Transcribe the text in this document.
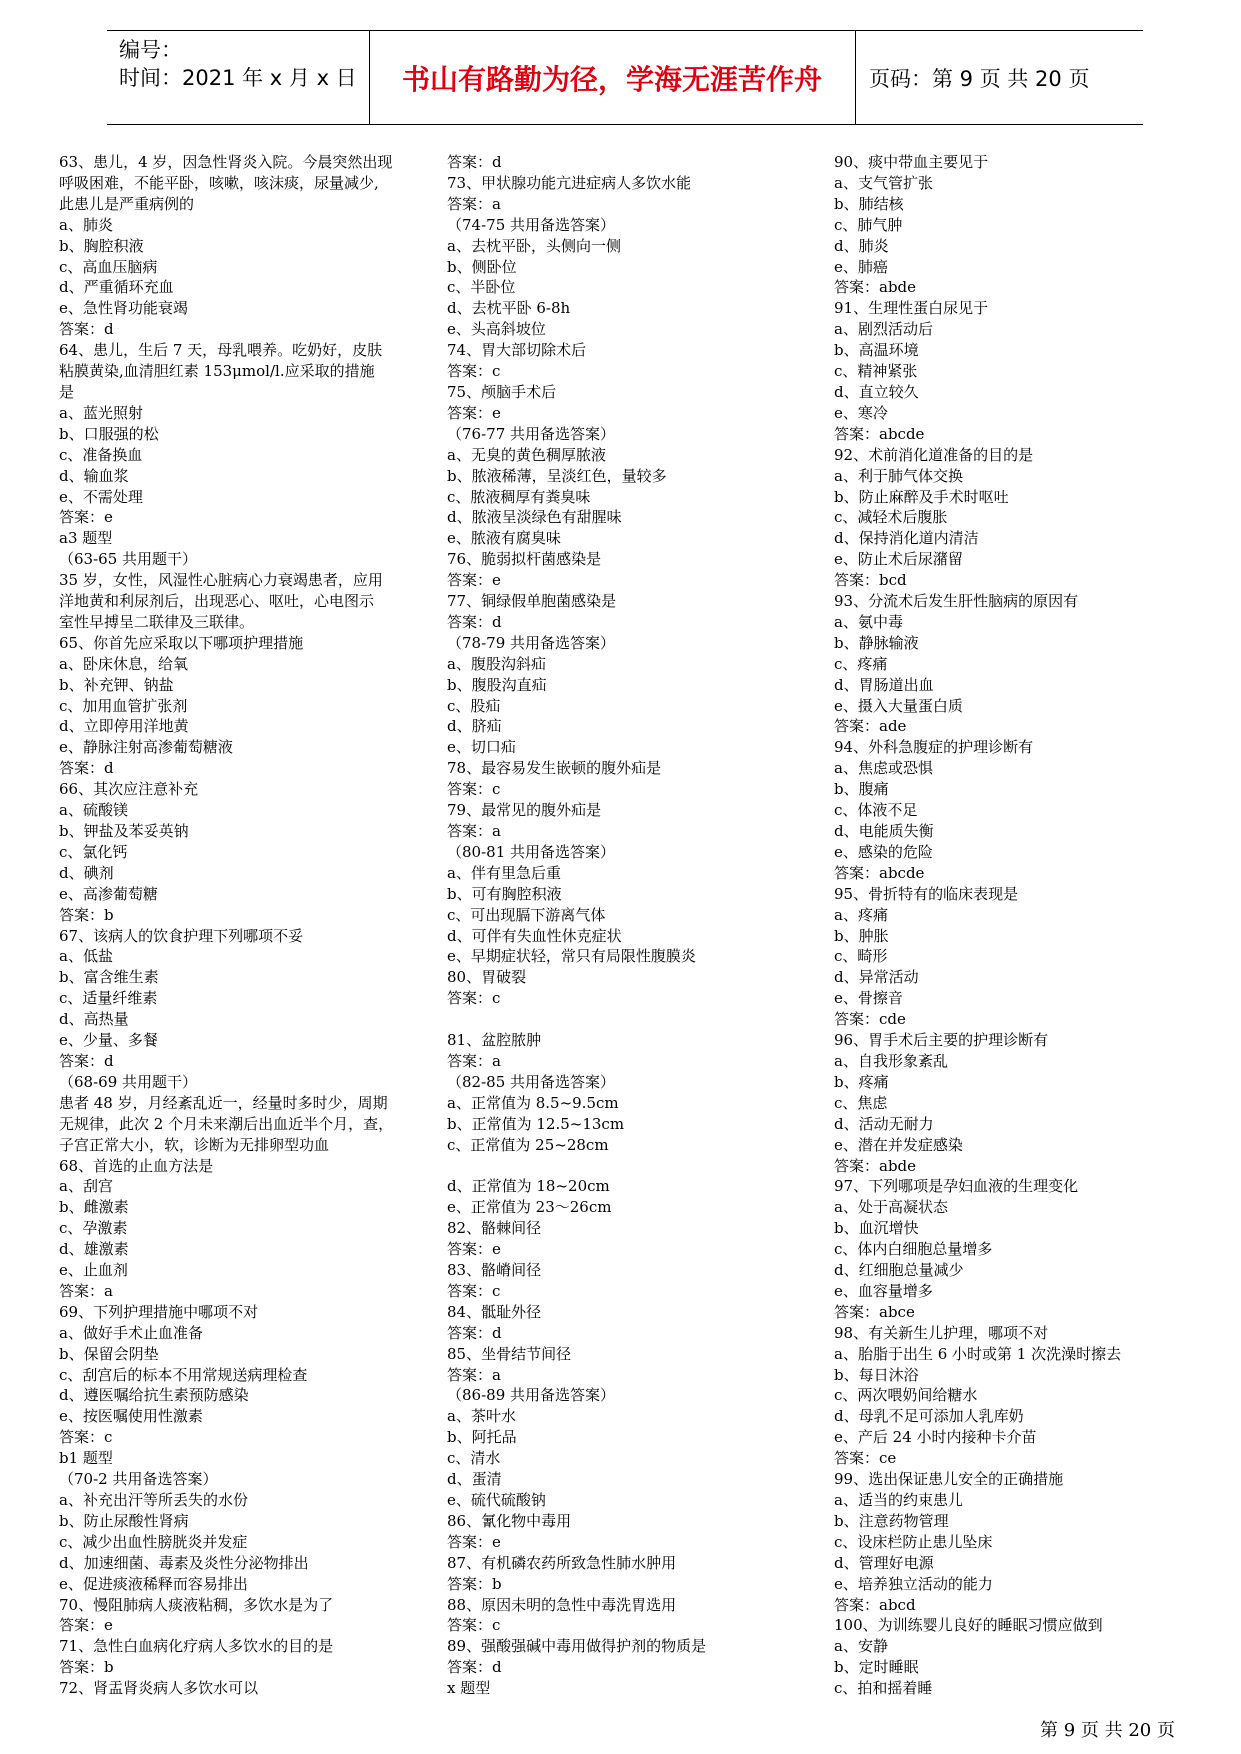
编号：
时间：2021 年 x 月 x 日 书山有路勤为径，学海无涯苦作舟 页码：第 9 页 共 20 页
63、患儿，4 岁，因急性肾炎入院。今晨突然出现
呼吸困难，不能平卧，咳嗽，咳沫痰，尿量减少,
此患儿是严重病例的
a、肺炎
b、胸腔积液
c、高血压脑病
d、严重循环充血
e、急性肾功能衰竭
答案：d
64、患儿，生后 7 天，母乳喂养。吃奶好，皮肤
粘膜黄染,血清胆红素 153μmol/l.应采取的措施
是
a、蓝光照射
b、口服强的松
c、准备换血
d、输血浆
e、不需处理
答案：e
a3 题型
（63-65 共用题干）
35 岁，女性，风湿性心脏病心力衰竭患者，应用
洋地黄和利尿剂后，出现恶心、呕吐，心电图示
室性早搏呈二联律及三联律。
65、你首先应采取以下哪项护理措施
a、卧床休息，给氧
b、补充钾、钠盐
c、加用血管扩张剂
d、立即停用洋地黄
e、静脉注射高渗葡萄糖液
答案：d
66、其次应注意补充
a、硫酸镁
b、钾盐及苯妥英钠
c、氯化钙
d、碘剂
e、高渗葡萄糖
答案：b
67、该病人的饮食护理下列哪项不妥
a、低盐
b、富含维生素
c、适量纤维素
d、高热量
e、少量、多餐
答案：d
（68-69 共用题干）
患者 48 岁，月经紊乱近一，经量时多时少，周期
无规律，此次 2 个月未来潮后出血近半个月，查，
子宫正常大小，软，诊断为无排卵型功血
68、首选的止血方法是
a、刮宫
b、雌激素
c、孕激素
d、雄激素
e、止血剂
答案：a
69、下列护理措施中哪项不对
a、做好手术止血准备
b、保留会阴垫
c、刮宫后的标本不用常规送病理检查
d、遵医嘱给抗生素预防感染
e、按医嘱使用性激素
答案：c
b1 题型
（70-2 共用备选答案）
a、补充出汗等所丢失的水份
b、防止尿酸性肾病
c、减少出血性膀胱炎并发症
d、加速细菌、毒素及炎性分泌物排出
e、促进痰液稀释而容易排出
70、慢阻肺病人痰液粘稠，多饮水是为了
答案：e
71、急性白血病化疗病人多饮水的目的是
答案：b
72、肾盂肾炎病人多饮水可以
答案：d
73、甲状腺功能亢进症病人多饮水能
答案：a
（74-75 共用备选答案）
a、去枕平卧，头侧向一侧
b、侧卧位
c、半卧位
d、去枕平卧 6-8h
e、头高斜坡位
74、胃大部切除术后
答案：c
75、颅脑手术后
答案：e
（76-77 共用备选答案）
a、无臭的黄色稠厚脓液
b、脓液稀薄，呈淡红色，量较多
c、脓液稠厚有粪臭味
d、脓液呈淡绿色有甜腥味
e、脓液有腐臭味
76、脆弱拟杆菌感染是
答案：e
77、铜绿假单胞菌感染是
答案：d
（78-79 共用备选答案）
a、腹股沟斜疝
b、腹股沟直疝
c、股疝
d、脐疝
e、切口疝
78、最容易发生嵌顿的腹外疝是
答案：c
79、最常见的腹外疝是
答案：a
（80-81 共用备选答案）
a、伴有里急后重
b、可有胸腔积液
c、可出现膈下游离气体
d、可伴有失血性休克症状
e、早期症状轻，常只有局限性腹膜炎
80、胃破裂
答案：c
81、盆腔脓肿
答案：a
（82-85 共用备选答案）
a、正常值为 8.5~9.5cm
b、正常值为 12.5~13cm
c、正常值为 25~28cm
d、正常值为 18~20cm
e、正常值为 23～26cm
82、骼棘间径
答案：e
83、骼嵴间径
答案：c
84、骶耻外径
答案：d
85、坐骨结节间径
答案：a
（86-89 共用备选答案）
a、茶叶水
b、阿托品
c、清水
d、蛋清
e、硫代硫酸钠
86、氰化物中毒用
答案：e
87、有机磷农药所致急性肺水肿用
答案：b
88、原因未明的急性中毒洗胃选用
答案：c
89、强酸强碱中毒用做得护剂的物质是
答案：d
x 题型
90、痰中带血主要见于
a、支气管扩张
b、肺结核
c、肺气肿
d、肺炎
e、肺癌
答案：abde
91、生理性蛋白尿见于
a、剧烈活动后
b、高温环境
c、精神紧张
d、直立较久
e、寒冷
答案：abcde
92、术前消化道准备的目的是
a、利于肺气体交换
b、防止麻醉及手术时呕吐
c、减轻术后腹胀
d、保持消化道内清洁
e、防止术后尿潴留
答案：bcd
93、分流术后发生肝性脑病的原因有
a、氨中毒
b、静脉输液
c、疼痛
d、胃肠道出血
e、摄入大量蛋白质
答案：ade
94、外科急腹症的护理诊断有
a、焦虑或恐惧
b、腹痛
c、体液不足
d、电能质失衡
e、感染的危险
答案：abcde
95、骨折特有的临床表现是
a、疼痛
b、肿胀
c、畸形
d、异常活动
e、骨擦音
答案：cde
96、胃手术后主要的护理诊断有
a、自我形象紊乱
b、疼痛
c、焦虑
d、活动无耐力
e、潜在并发症感染
答案：abde
97、下列哪项是孕妇血液的生理变化
a、处于高凝状态
b、血沉增快
c、体内白细胞总量增多
d、红细胞总量减少
e、血容量增多
答案：abce
98、有关新生儿护理，哪项不对
a、胎脂于出生 6 小时或第 1 次洗澡时擦去
b、每日沐浴
c、两次喂奶间给糖水
d、母乳不足可添加人乳库奶
e、产后 24 小时内接种卡介苗
答案：ce
99、选出保证患儿安全的正确措施
a、适当的约束患儿
b、注意药物管理
c、设床栏防止患儿坠床
d、管理好电源
e、培养独立活动的能力
答案：abcd
100、为训练婴儿良好的睡眠习惯应做到
a、安静
b、定时睡眠
c、拍和摇着睡
第 9 页 共 20 页
